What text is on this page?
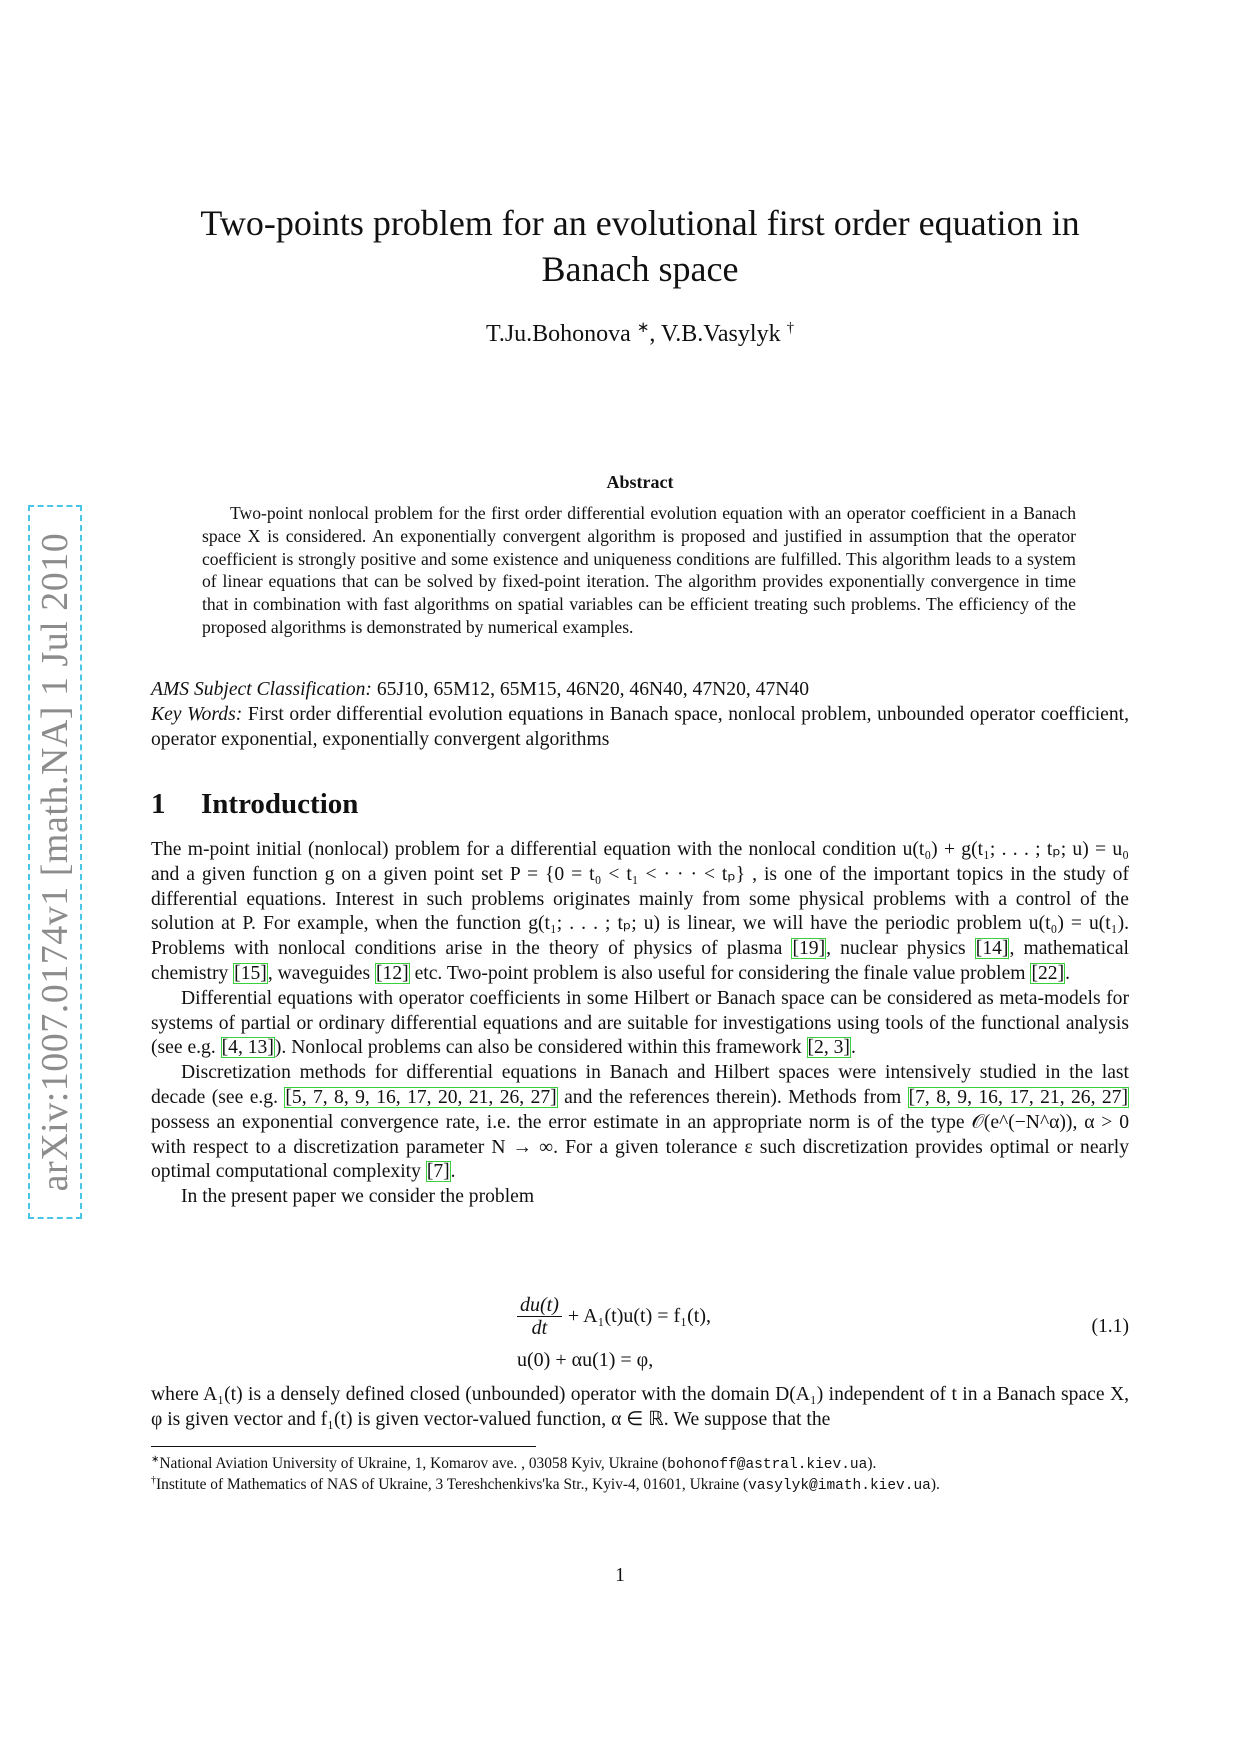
arXiv:1007.0174v1 [math.NA] 1 Jul 2010
Two-points problem for an evolutional first order equation in Banach space
T.Ju.Bohonova ∗, V.B.Vasylyk †
Abstract

Two-point nonlocal problem for the first order differential evolution equation with an operator coefficient in a Banach space X is considered. An exponentially convergent algorithm is proposed and justified in assumption that the operator coefficient is strongly positive and some existence and uniqueness conditions are fulfilled. This algorithm leads to a system of linear equations that can be solved by fixed-point iteration. The algorithm provides exponentially convergence in time that in combination with fast algorithms on spatial variables can be efficient treating such problems. The efficiency of the proposed algorithms is demonstrated by numerical examples.

AMS Subject Classification: 65J10, 65M12, 65M15, 46N20, 46N40, 47N20, 47N40

Key Words: First order differential evolution equations in Banach space, nonlocal problem, unbounded operator coefficient, operator exponential, exponentially convergent algorithms

1 Introduction

The m-point initial (nonlocal) problem for a differential equation with the nonlocal condition u(t₀) + g(t₁; . . . ; tₚ; u) = u₀ and a given function g on a given point set P = {0 = t₀ < t₁ < · · · < tₚ} , is one of the important topics in the study of differential equations. Interest in such problems originates mainly from some physical problems with a control of the solution at P. For example, when the function g(t₁; . . . ; tₚ; u) is linear, we will have the periodic problem u(t₀) = u(t₁). Problems with nonlocal conditions arise in the theory of physics of plasma [19], nuclear physics [14], mathematical chemistry [15], waveguides [12] etc. Two-point problem is also useful for considering the finale value problem [22].

Differential equations with operator coefficients in some Hilbert or Banach space can be considered as meta-models for systems of partial or ordinary differential equations and are suitable for investigations using tools of the functional analysis (see e.g. [4, 13]). Nonlocal problems can also be considered within this framework [2, 3].

Discretization methods for differential equations in Banach and Hilbert spaces were intensively studied in the last decade (see e.g. [5, 7, 8, 9, 16, 17, 20, 21, 26, 27] and the references therein). Methods from [7, 8, 9, 16, 17, 21, 26, 27] possess an exponential convergence rate, i.e. the error estimate in an appropriate norm is of the type 𝒪(e^(−N^α)), α > 0 with respect to a discretization parameter N → ∞. For a given tolerance ε such discretization provides optimal or nearly optimal computational complexity [7].

In the present paper we consider the problem

$\frac{du(t)}{dt} + A_1(t)u(t) = f_1(t)$,
u(0) + αu(1) = φ,
(1.1)

where A₁(t) is a densely defined closed (unbounded) operator with the domain D(A₁) independent of t in a Banach space X, φ is given vector and f₁(t) is given vector-valued function, α ∈ ℝ. We suppose that the

∗National Aviation University of Ukraine, 1, Komarov ave. , 03058 Kyiv, Ukraine (bohonoff@astral.kiev.ua).

†Institute of Mathematics of NAS of Ukraine, 3 Tereshchenkivs'ka Str., Kyiv-4, 01601, Ukraine (vasylyk@imath.kiev.ua).

1
